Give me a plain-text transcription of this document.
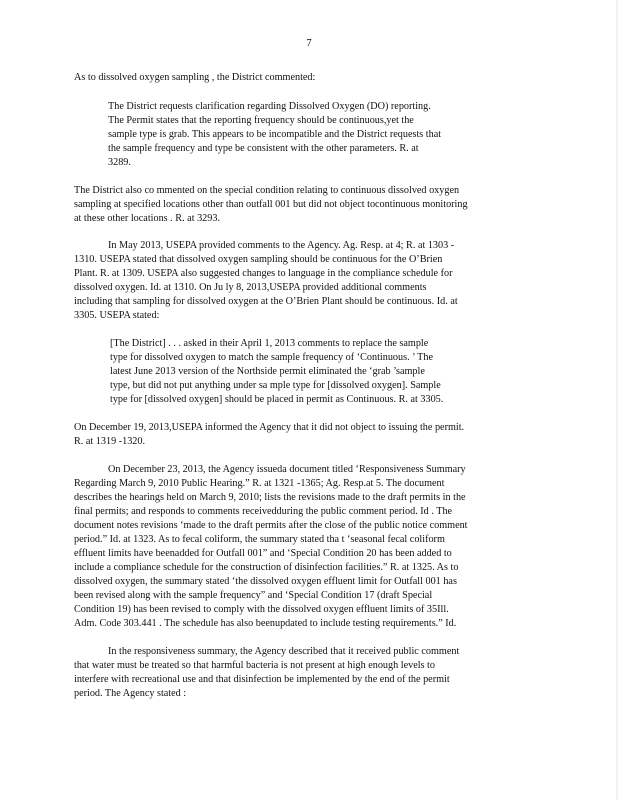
7
As to dissolved oxygen sampling , the District commented:
The District requests clarification regarding Dissolved Oxygen (DO) reporting.
The Permit states that the reporting frequency should be continuous,yet the
sample type is grab. This appears to be incompatible and the District requests that
the sample frequency and type be consistent with the other parameters. R. at
3289.
The District also co mmented on the special condition relating to continuous dissolved oxygen
sampling at specified locations other than outfall 001 but did not object tocontinuous monitoring
at these other locations . R. at 3293.
In May 2013, USEPA provided comments to the Agency. Ag. Resp. at 4; R. at 1303 -
1310. USEPA stated that dissolved oxygen sampling should be continuous for the O’Brien
Plant. R. at 1309. USEPA also suggested changes to language in the compliance schedule for
dissolved oxygen. Id. at 1310. On Ju ly 8, 2013,USEPA provided additional comments
including that sampling for dissolved oxygen at the O’Brien Plant should be continuous. Id. at
3305. USEPA stated:
[The District] . . . asked in their April 1, 2013 comments to replace the sample
type for dissolved oxygen to match the sample frequency of ‘Continuous. ’ The
latest June 2013 version of the Northside permit eliminated the ‘grab ’sample
type, but did not put anything under sa mple type for [dissolved oxygen]. Sample
type for [dissolved oxygen] should be placed in permit as Continuous. R. at 3305.
On December 19, 2013,USEPA informed the Agency that it did not object to issuing the permit.
R. at 1319 -1320.
On December 23, 2013, the Agency issueda document titled ‘Responsiveness Summary
Regarding March 9, 2010 Public Hearing.” R. at 1321 -1365; Ag. Resp.at 5. The document
describes the hearings held on March 9, 2010; lists the revisions made to the draft permits in the
final permits; and responds to comments receivedduring the public comment period. Id . The
document notes revisions ‘made to the draft permits after the close of the public notice comment
period.” Id. at 1323. As to fecal coliform, the summary stated tha t ‘seasonal fecal coliform
effluent limits have beenadded for Outfall 001” and ‘Special Condition 20 has been added to
include a compliance schedule for the construction of disinfection facilities.” R. at 1325. As to
dissolved oxygen, the summary stated ‘the dissolved oxygen effluent limit for Outfall 001 has
been revised along with the sample frequency” and ‘Special Condition 17 (draft Special
Condition 19) has been revised to comply with the dissolved oxygen effluent limits of 35Ill.
Adm. Code 303.441 . The schedule has also beenupdated to include testing requirements.” Id.
In the responsiveness summary, the Agency described that it received public comment
that water must be treated so that harmful bacteria is not present at high enough levels to
interfere with recreational use and that disinfection be implemented by the end of the permit
period. The Agency stated :
